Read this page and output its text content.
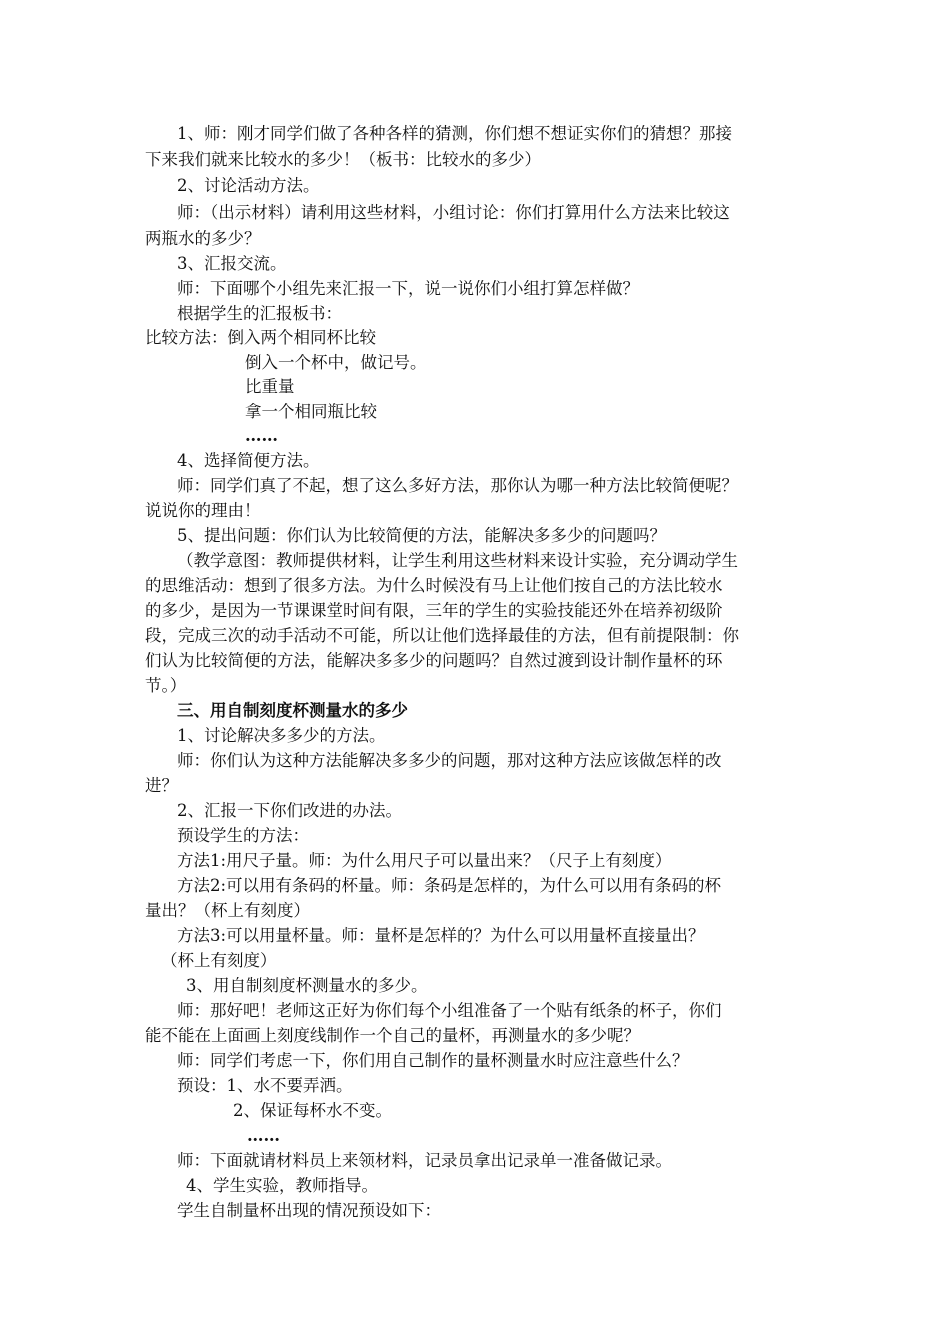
1、师：刚才同学们做了各种各样的猜测，你们想不想证实你们的猜想？那接
下来我们就来比较水的多少！（板书：比较水的多少）
2、讨论活动方法。
师：（出示材料）请利用这些材料，小组讨论：你们打算用什么方法来比较这
两瓶水的多少？
3、汇报交流。
师：下面哪个小组先来汇报一下，说一说你们小组打算怎样做？
根据学生的汇报板书：
比较方法：倒入两个相同杯比较
倒入一个杯中，做记号。
比重量
拿一个相同瓶比较
……
4、选择简便方法。
师：同学们真了不起，想了这么多好方法，那你认为哪一种方法比较简便呢？
说说你的理由！
5、提出问题：你们认为比较简便的方法，能解决多多少的问题吗？
（教学意图：教师提供材料，让学生利用这些材料来设计实验，充分调动学生
的思维活动：想到了很多方法。为什么时候没有马上让他们按自己的方法比较水
的多少，是因为一节课课堂时间有限，三年的学生的实验技能还外在培养初级阶
段，完成三次的动手活动不可能，所以让他们选择最佳的方法，但有前提限制：你
们认为比较简便的方法，能解决多多少的问题吗？自然过渡到设计制作量杯的环
节。）
三、用自制刻度杯测量水的多少
1、讨论解决多多少的方法。
师：你们认为这种方法能解决多多少的问题，那对这种方法应该做怎样的改
进？
2、汇报一下你们改进的办法。
预设学生的方法：
方法1:用尺子量。师：为什么用尺子可以量出来？（尺子上有刻度）
方法2:可以用有条码的杯量。师：条码是怎样的，为什么可以用有条码的杯
量出？（杯上有刻度）
方法3:可以用量杯量。师：量杯是怎样的？为什么可以用量杯直接量出？
（杯上有刻度）
3、用自制刻度杯测量水的多少。
师：那好吧！老师这正好为你们每个小组准备了一个贴有纸条的杯子，你们
能不能在上面画上刻度线制作一个自己的量杯，再测量水的多少呢？
师：同学们考虑一下，你们用自己制作的量杯测量水时应注意些什么？
预设：1、水不要弄洒。
2、保证每杯水不变。
……
师：下面就请材料员上来领材料，记录员拿出记录单一准备做记录。
4、学生实验，教师指导。
学生自制量杯出现的情况预设如下：
